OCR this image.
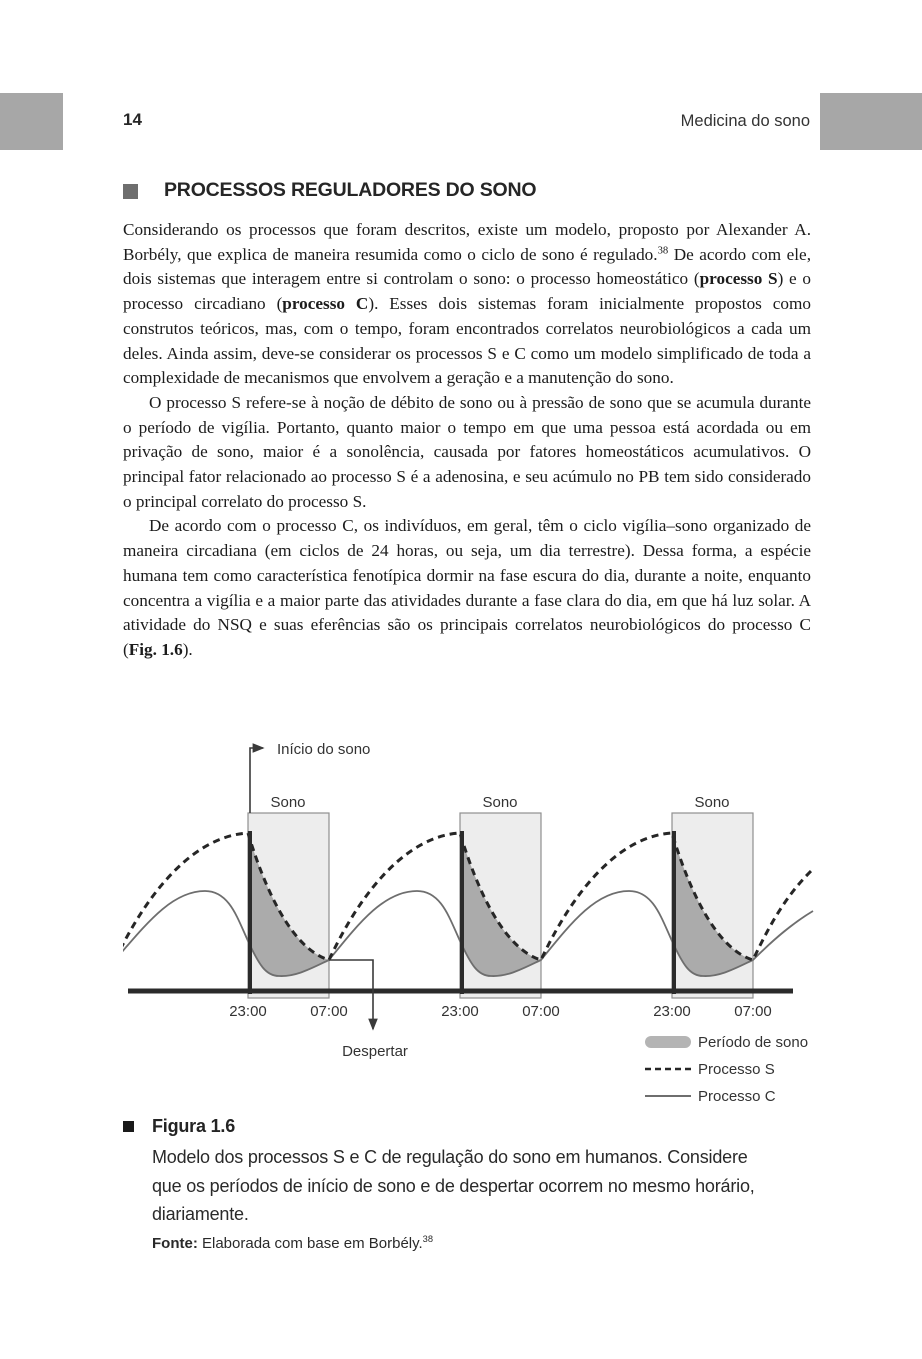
14	Medicina do sono
PROCESSOS REGULADORES DO SONO

Considerando os processos que foram descritos, existe um modelo, proposto por Alexander A. Borbély, que explica de maneira resumida como o ciclo de sono é regulado.$^{38}$ De acordo com ele, dois sistemas que interagem entre si controlam o sono: o processo homeostático (processo S) e o processo circadiano (processo C). Esses dois sistemas foram inicialmente propostos como construtos teóricos, mas, com o tempo, foram encontrados correlatos neurobiológicos a cada um deles. Ainda assim, deve-se considerar os processos S e C como um modelo simplificado de toda a complexidade de mecanismos que envolvem a geração e a manutenção do sono.

O processo S refere-se à noção de débito de sono ou à pressão de sono que se acumula durante o período de vigília. Portanto, quanto maior o tempo em que uma pessoa está acordada ou em privação de sono, maior é a sonolência, causada por fatores homeostáticos acumulativos. O principal fator relacionado ao processo S é a adenosina, e seu acúmulo no PB tem sido considerado o principal correlato do processo S.

De acordo com o processo C, os indivíduos, em geral, têm o ciclo vigília–sono organizado de maneira circadiana (em ciclos de 24 horas, ou seja, um dia terrestre). Dessa forma, a espécie humana tem como característica fenotípica dormir na fase escura do dia, durante a noite, enquanto concentra a vigília e a maior parte das atividades durante a fase clara do dia, em que há luz solar. A atividade do NSQ e suas eferências são os principais correlatos neurobiológicos do processo C (Fig. 1.6).

Início do sono
Despertar
Sono	Sono	Sono
23:00	07:00	23:00	07:00	23:00	07:00
Período de sono
Processo S
Processo C
Figura 1.6
Modelo dos processos S e C de regulação do sono em humanos. Considere que os períodos de início de sono e de despertar ocorrem no mesmo horário, diariamente.
Fonte: Elaborada com base em Borbély.$^{38}$
